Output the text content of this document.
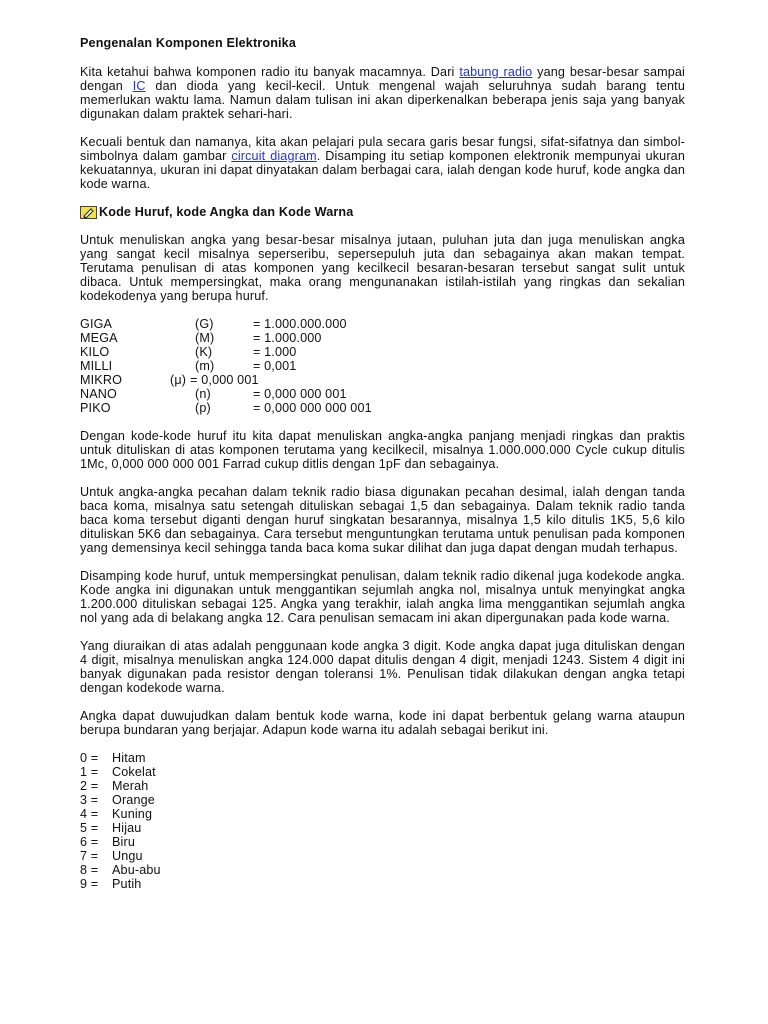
Pengenalan Komponen Elektronika

Kita ketahui bahwa komponen radio itu banyak macamnya. Dari tabung radio yang besar-besar sampai dengan IC dan dioda yang kecil-kecil. Untuk mengenal wajah seluruhnya sudah barang tentu memerlukan waktu lama. Namun dalam tulisan ini akan diperkenalkan beberapa jenis saja yang banyak digunakan dalam praktek sehari-hari.

Kecuali bentuk dan namanya, kita akan pelajari pula secara garis besar fungsi, sifat-sifatnya dan simbol-simbolnya dalam gambar circuit diagram. Disamping itu setiap komponen elektronik mempunyai ukuran kekuatannya, ukuran ini dapat dinyatakan dalam berbagai cara, ialah dengan kode huruf, kode angka dan kode warna.

Kode Huruf, kode Angka dan Kode Warna

Untuk menuliskan angka yang besar-besar misalnya jutaan, puluhan juta dan juga menuliskan angka yang sangat kecil misalnya seperseribu, sepersepuluh juta dan sebagainya akan makan tempat. Terutama penulisan di atas komponen yang kecilkecil besaran-besaran tersebut sangat sulit untuk dibaca. Untuk mempersingkat, maka orang mengunanakan istilah-istilah yang ringkas dan sekalian kodekodenya yang berupa huruf.

GIGA	(G)	= 1.000.000.000
MEGA	(M)	= 1.000.000
KILO	(K)	= 1.000
MILLI	(m)	= 0,001
MIKRO	(μ) = 0,000 001
NANO	(n)	= 0,000 000 001
PIKO	(p)	= 0,000 000 000 001

Dengan kode-kode huruf itu kita dapat menuliskan angka-angka panjang menjadi ringkas dan praktis untuk dituliskan di atas komponen terutama yang kecilkecil, misalnya 1.000.000.000 Cycle cukup ditulis 1Mc, 0,000 000 000 001 Farrad cukup ditlis dengan 1pF dan sebagainya.

Untuk angka-angka pecahan dalam teknik radio biasa digunakan pecahan desimal, ialah dengan tanda baca koma, misalnya satu setengah dituliskan sebagai 1,5 dan sebagainya. Dalam teknik radio tanda baca koma tersebut diganti dengan huruf singkatan besarannya, misalnya 1,5 kilo ditulis 1K5, 5,6 kilo dituliskan 5K6 dan sebagainya. Cara tersebut menguntungkan terutama untuk penulisan pada komponen yang demensinya kecil sehingga tanda baca koma sukar dilihat dan juga dapat dengan mudah terhapus.

Disamping kode huruf, untuk mempersingkat penulisan, dalam teknik radio dikenal juga kodekode angka. Kode angka ini digunakan untuk menggantikan sejumlah angka nol, misalnya untuk menyingkat angka 1.200.000 dituliskan sebagai 125. Angka yang terakhir, ialah angka lima menggantikan sejumlah angka nol yang ada di belakang angka 12. Cara penulisan semacam ini akan dipergunakan pada kode warna.

Yang diuraikan di atas adalah penggunaan kode angka 3 digit. Kode angka dapat juga dituliskan dengan 4 digit, misalnya menuliskan angka 124.000 dapat ditulis dengan 4 digit, menjadi 1243. Sistem 4 digit ini banyak digunakan pada resistor dengan toleransi 1%. Penulisan tidak dilakukan dengan angka tetapi dengan kodekode warna.

Angka dapat duwujudkan dalam bentuk kode warna, kode ini dapat berbentuk gelang warna ataupun berupa bundaran yang berjajar. Adapun kode warna itu adalah sebagai berikut ini.

0 =	Hitam
1 =	Cokelat
2 =	Merah
3 =	Orange
4 =	Kuning
5 =	Hijau
6 =	Biru
7 =	Ungu
8 =	Abu-abu
9 =	Putih
